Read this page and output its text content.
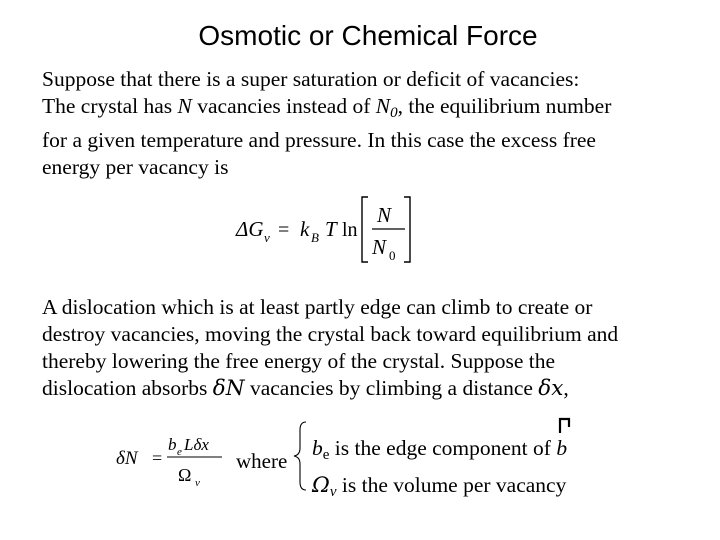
Osmotic or Chemical Force
Suppose that there is a super saturation or deficit of vacancies:
The crystal has N vacancies instead of $N_0$, the equilibrium number
for a given temperature and pressure. In this case the excess free
energy per vacancy is
ΔG v = k B T ln
N
N 0
A dislocation which is at least partly edge can climb to create or
destroy vacancies, moving the crystal back toward equilibrium and
thereby lowering the free energy of the crystal. Suppose the
dislocation absorbs δN vacancies by climbing a distance δx,
δN =
b e Lδx
Ω v
where
$b_e$ is the edge component of b
$\Omega_v$ is the volume per vacancy
